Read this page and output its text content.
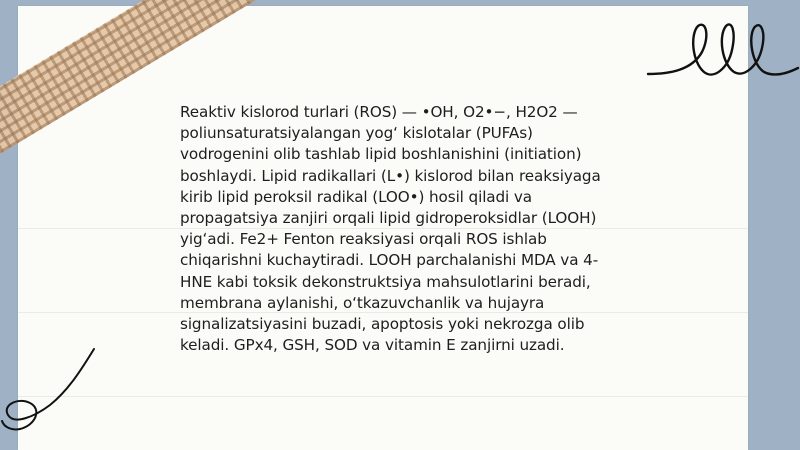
Reaktiv kislorod turlari (ROS) — •OH, O2•−, H2O2 — poliunsaturatsiyalangan yogʻ kislotalar (PUFAs) vodrogenini olib tashlab lipid boshlanishini (initiation) boshlaydi. Lipid radikallari (L•) kislorod bilan reaksiyaga kirib lipid peroksil radikal (LOO•) hosil qiladi va propagatsiya zanjiri orqali lipid gidroperoksidlar (LOOH) yigʻadi. Fe2+ Fenton reaksiyasi orqali ROS ishlab chiqarishni kuchaytiradi. LOOH parchalanishi MDA va 4-HNE kabi toksik dekonstruktsiya mahsulotlarini beradi, membrana aylanishi, o‘tkazuvchanlik va hujayra signalizatsiyasini buzadi, apoptosis yoki nekrozga olib keladi. GPx4, GSH, SOD va vitamin E zanjirni uzadi.
